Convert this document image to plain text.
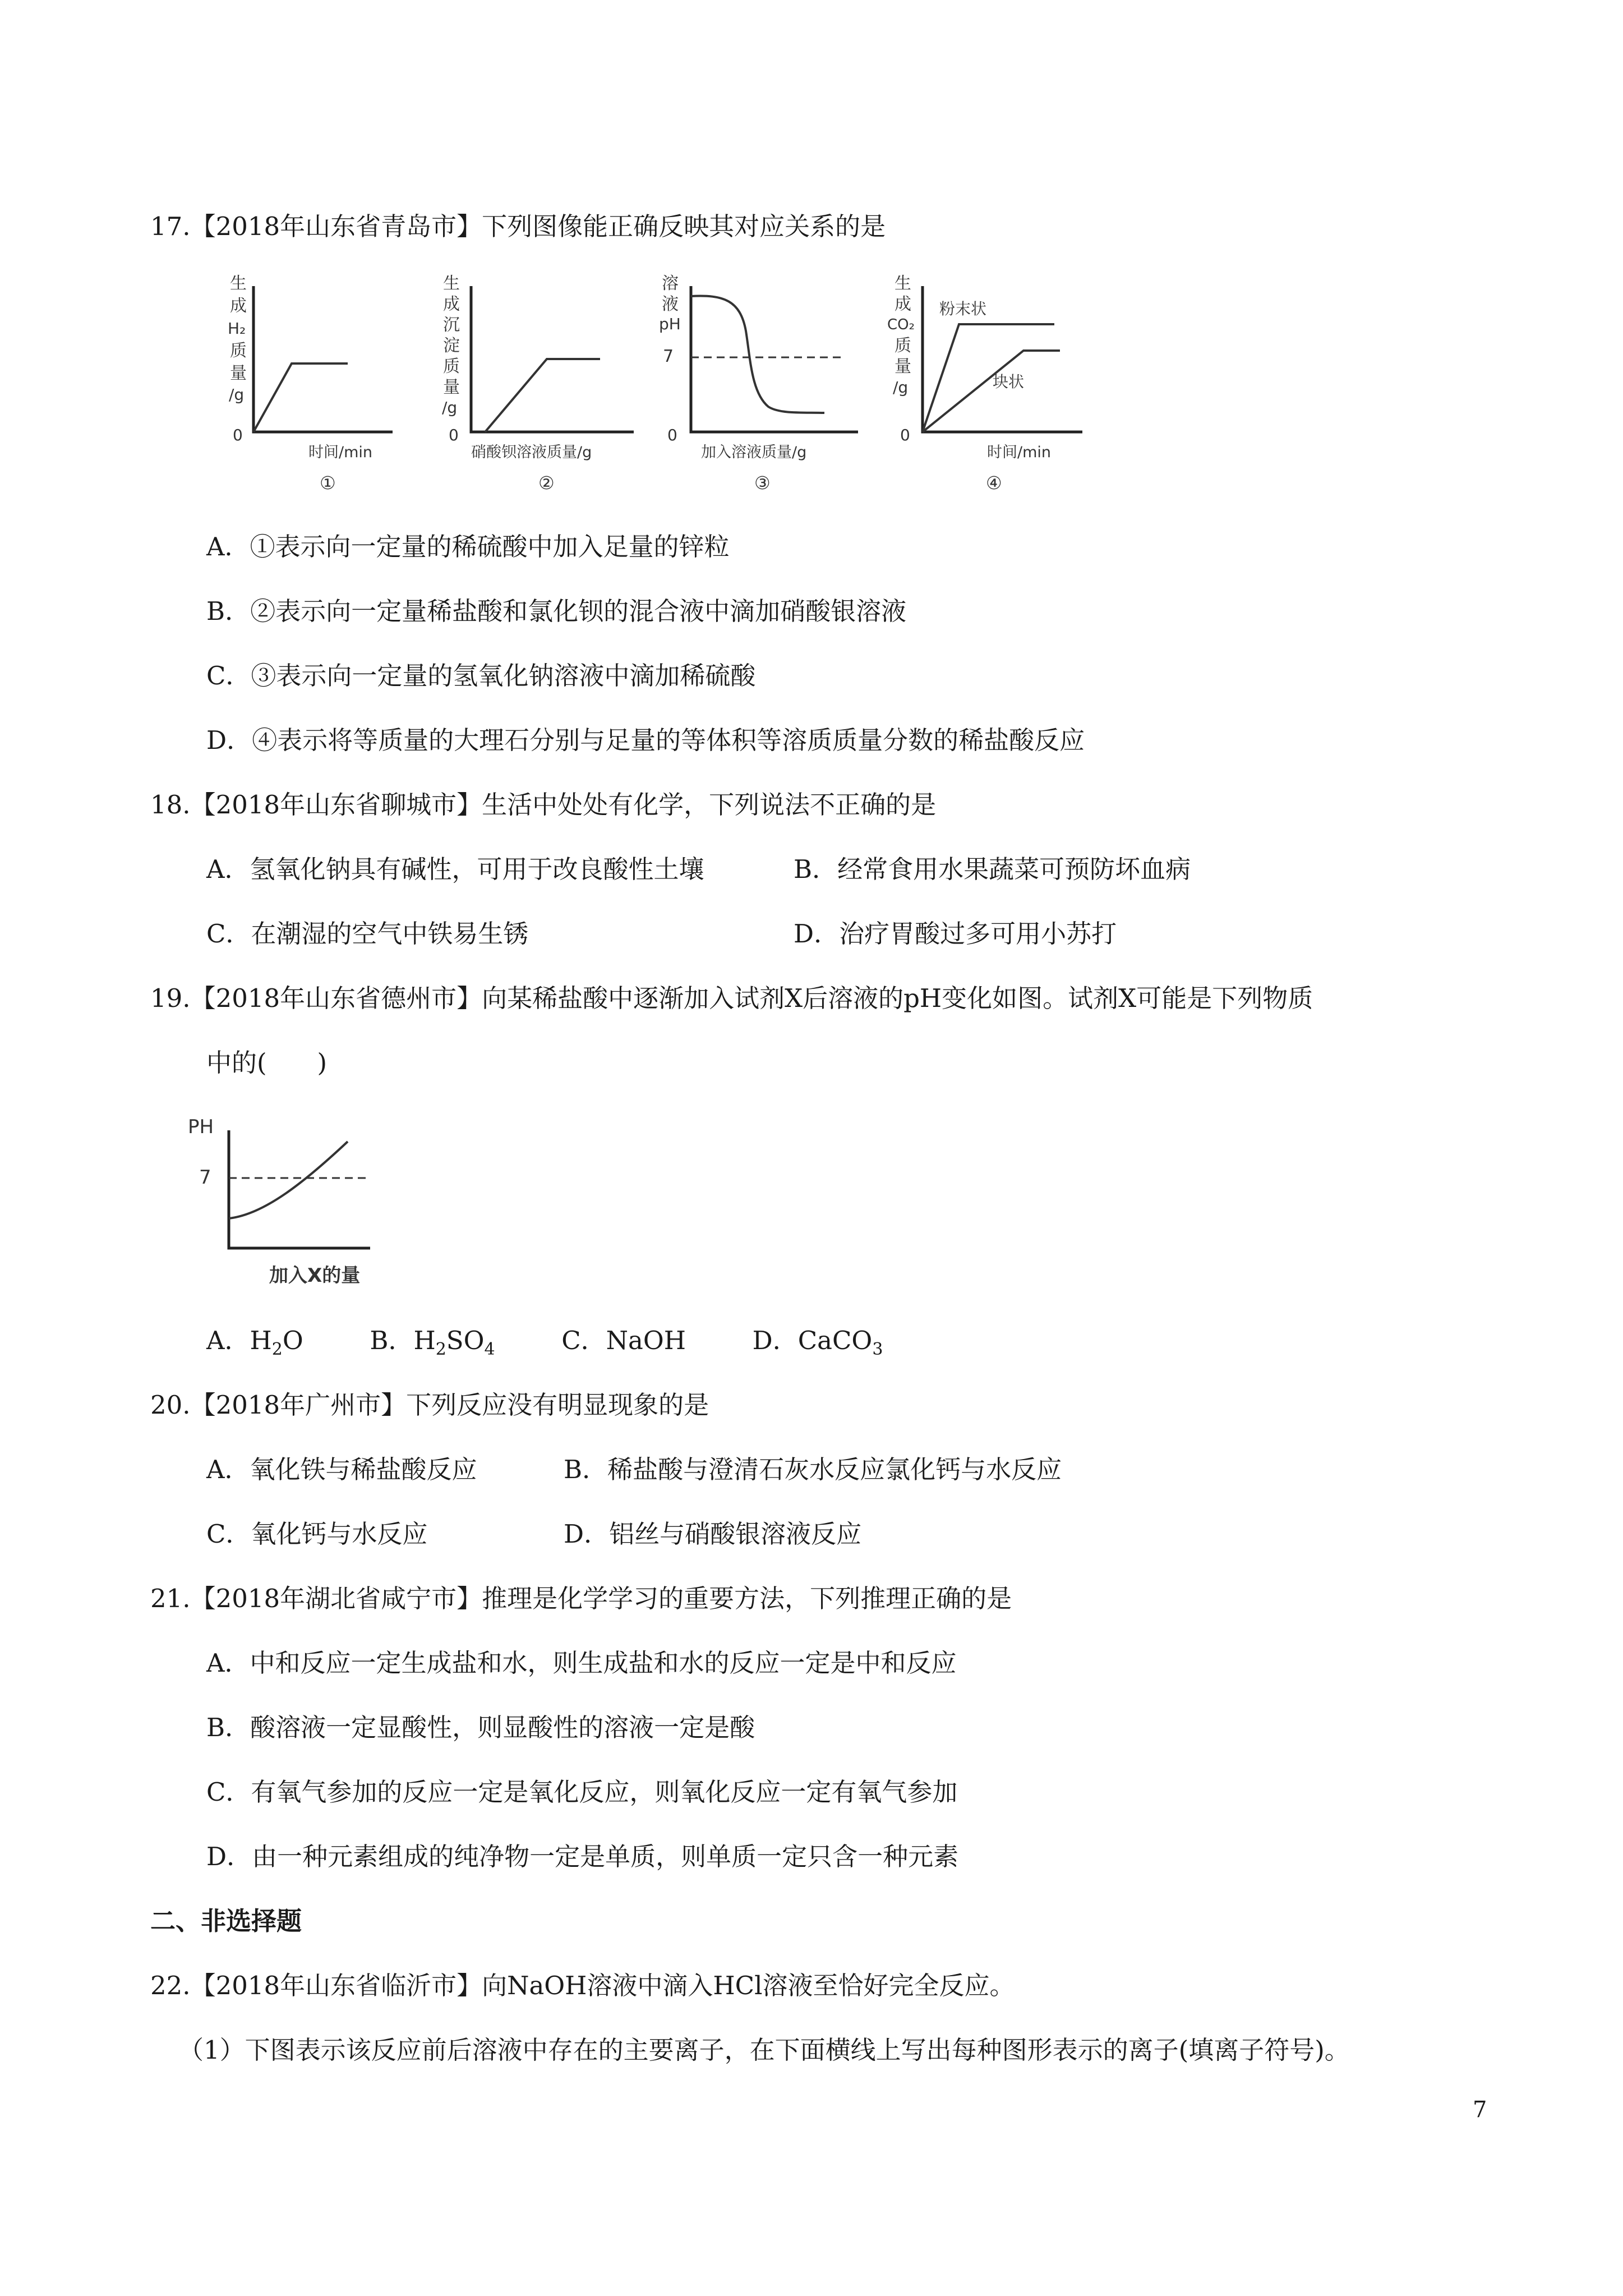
17.【2018年山东省青岛市】下列图像能正确反映其对应关系的是
生
成
H₂
质
量
/g
0
时间/min
①
生
成
沉
淀
质
量
/g
0
硝酸钡溶液质量/g
②
溶
液
pH
7
0
加入溶液质量/g
③
生
成
CO₂
质
量
/g
0
粉末状
块状
时间/min
④
A．①表示向一定量的稀硫酸中加入足量的锌粒
B．②表示向一定量稀盐酸和氯化钡的混合液中滴加硝酸银溶液
C．③表示向一定量的氢氧化钠溶液中滴加稀硫酸
D．④表示将等质量的大理石分别与足量的等体积等溶质质量分数的稀盐酸反应
18.【2018年山东省聊城市】生活中处处有化学，下列说法不正确的是
A．氢氧化钠具有碱性，可用于改良酸性土壤	B．经常食用水果蔬菜可预防坏血病
C．在潮湿的空气中铁易生锈	D．治疗胃酸过多可用小苏打
19.【2018年山东省德州市】向某稀盐酸中逐渐加入试剂X后溶液的pH变化如图。试剂X可能是下列物质
中的(　　)
PH
7
加入X的量
A．$H_2O$	B．$H_2SO_4$	C．NaOH	D．CaCO$_3$
20.【2018年广州市】下列反应没有明显现象的是
A．氧化铁与稀盐酸反应	B．稀盐酸与澄清石灰水反应氯化钙与水反应
C．氧化钙与水反应	D．铝丝与硝酸银溶液反应
21.【2018年湖北省咸宁市】推理是化学学习的重要方法，下列推理正确的是
A．中和反应一定生成盐和水，则生成盐和水的反应一定是中和反应
B．酸溶液一定显酸性，则显酸性的溶液一定是酸
C．有氧气参加的反应一定是氧化反应，则氧化反应一定有氧气参加
D．由一种元素组成的纯净物一定是单质，则单质一定只含一种元素
二、非选择题
22.【2018年山东省临沂市】向NaOH溶液中滴入HCl溶液至恰好完全反应。
（1）下图表示该反应前后溶液中存在的主要离子，在下面横线上写出每种图形表示的离子(填离子符号)。
7
